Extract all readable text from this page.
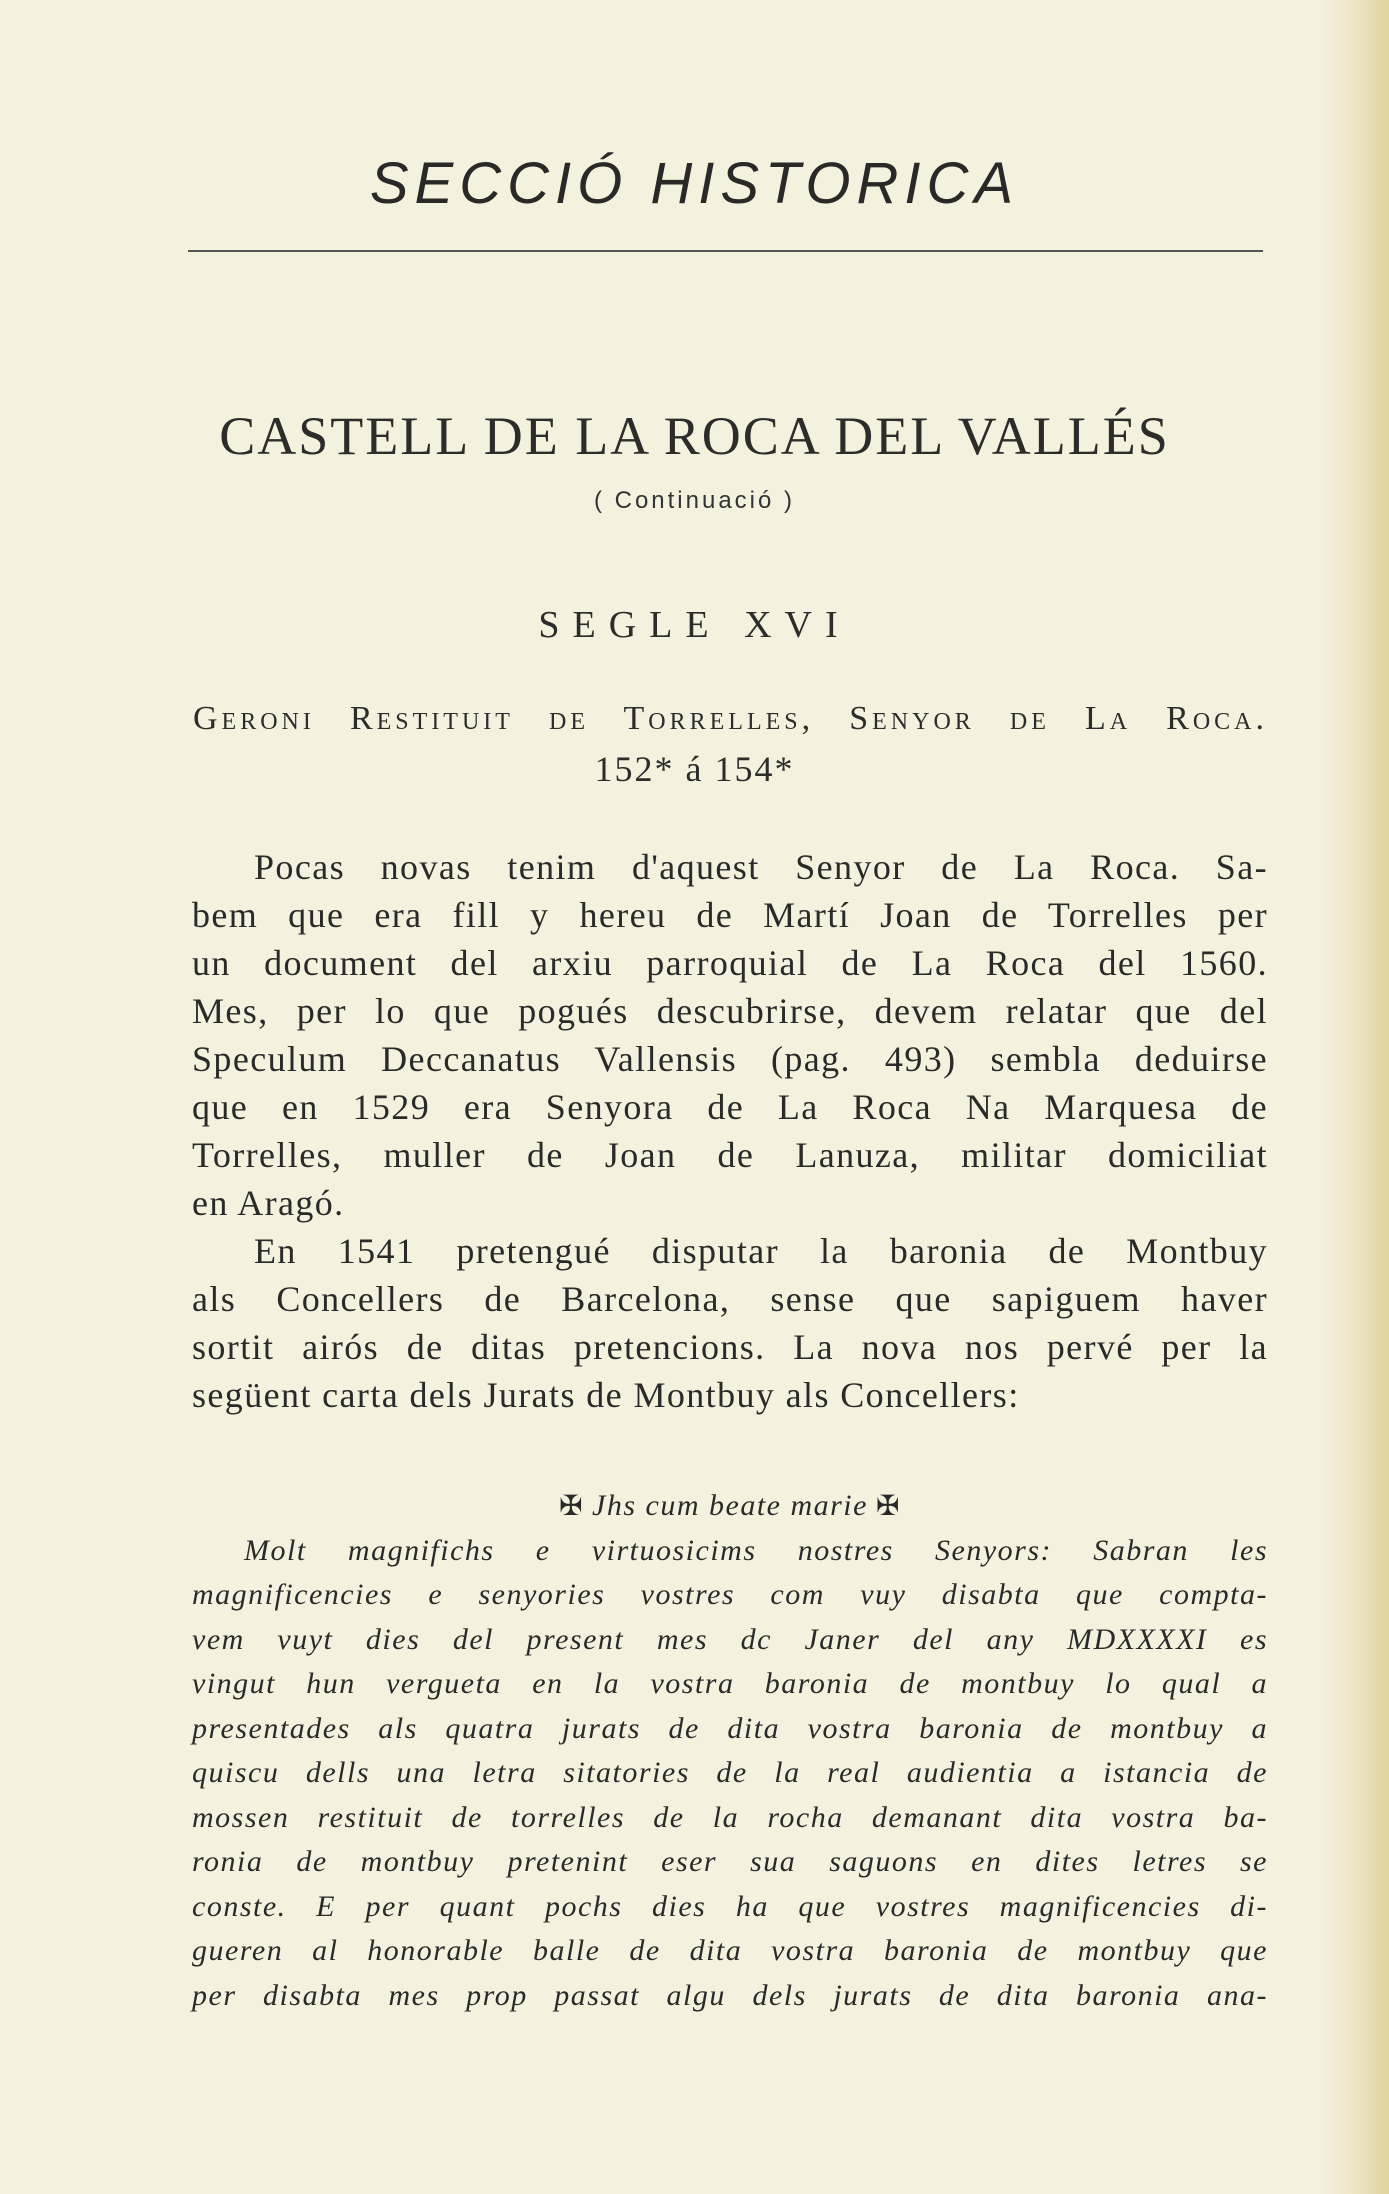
SECCIÓ HISTORICA
CASTELL DE LA ROCA DEL VALLÉS
( Continuació )
SEGLE XVI
Geroni Restituit de Torrelles, Senyor de La Roca.
152* á 154*
Pocas novas tenim d'aquest Senyor de La Roca. Sa-
bem que era fill y hereu de Martí Joan de Torrelles per
un document del arxiu parroquial de La Roca del 1560.
Mes, per lo que pogués descubrirse, devem relatar que del
Speculum Deccanatus Vallensis (pag. 493) sembla deduirse
que en 1529 era Senyora de La Roca Na Marquesa de
Torrelles, muller de Joan de Lanuza, militar domiciliat
en Aragó.
En 1541 pretengué disputar la baronia de Montbuy
als Concellers de Barcelona, sense que sapiguem haver
sortit airós de ditas pretencions. La nova nos pervé per la
següent carta dels Jurats de Montbuy als Concellers:
✠ Jhs cum beate marie ✠
Molt magnifichs e virtuosicims nostres Senyors: Sabran les
magnificencies e senyories vostres com vuy disabta que compta-
vem vuyt dies del present mes dc Janer del any MDXXXXI es
vingut hun vergueta en la vostra baronia de montbuy lo qual a
presentades als quatra jurats de dita vostra baronia de montbuy a
quiscu dells una letra sitatories de la real audientia a istancia de
mossen restituit de torrelles de la rocha demanant dita vostra ba-
ronia de montbuy pretenint eser sua saguons en dites letres se
conste. E per quant pochs dies ha que vostres magnificencies di-
gueren al honorable balle de dita vostra baronia de montbuy que
per disabta mes prop passat algu dels jurats de dita baronia ana-
